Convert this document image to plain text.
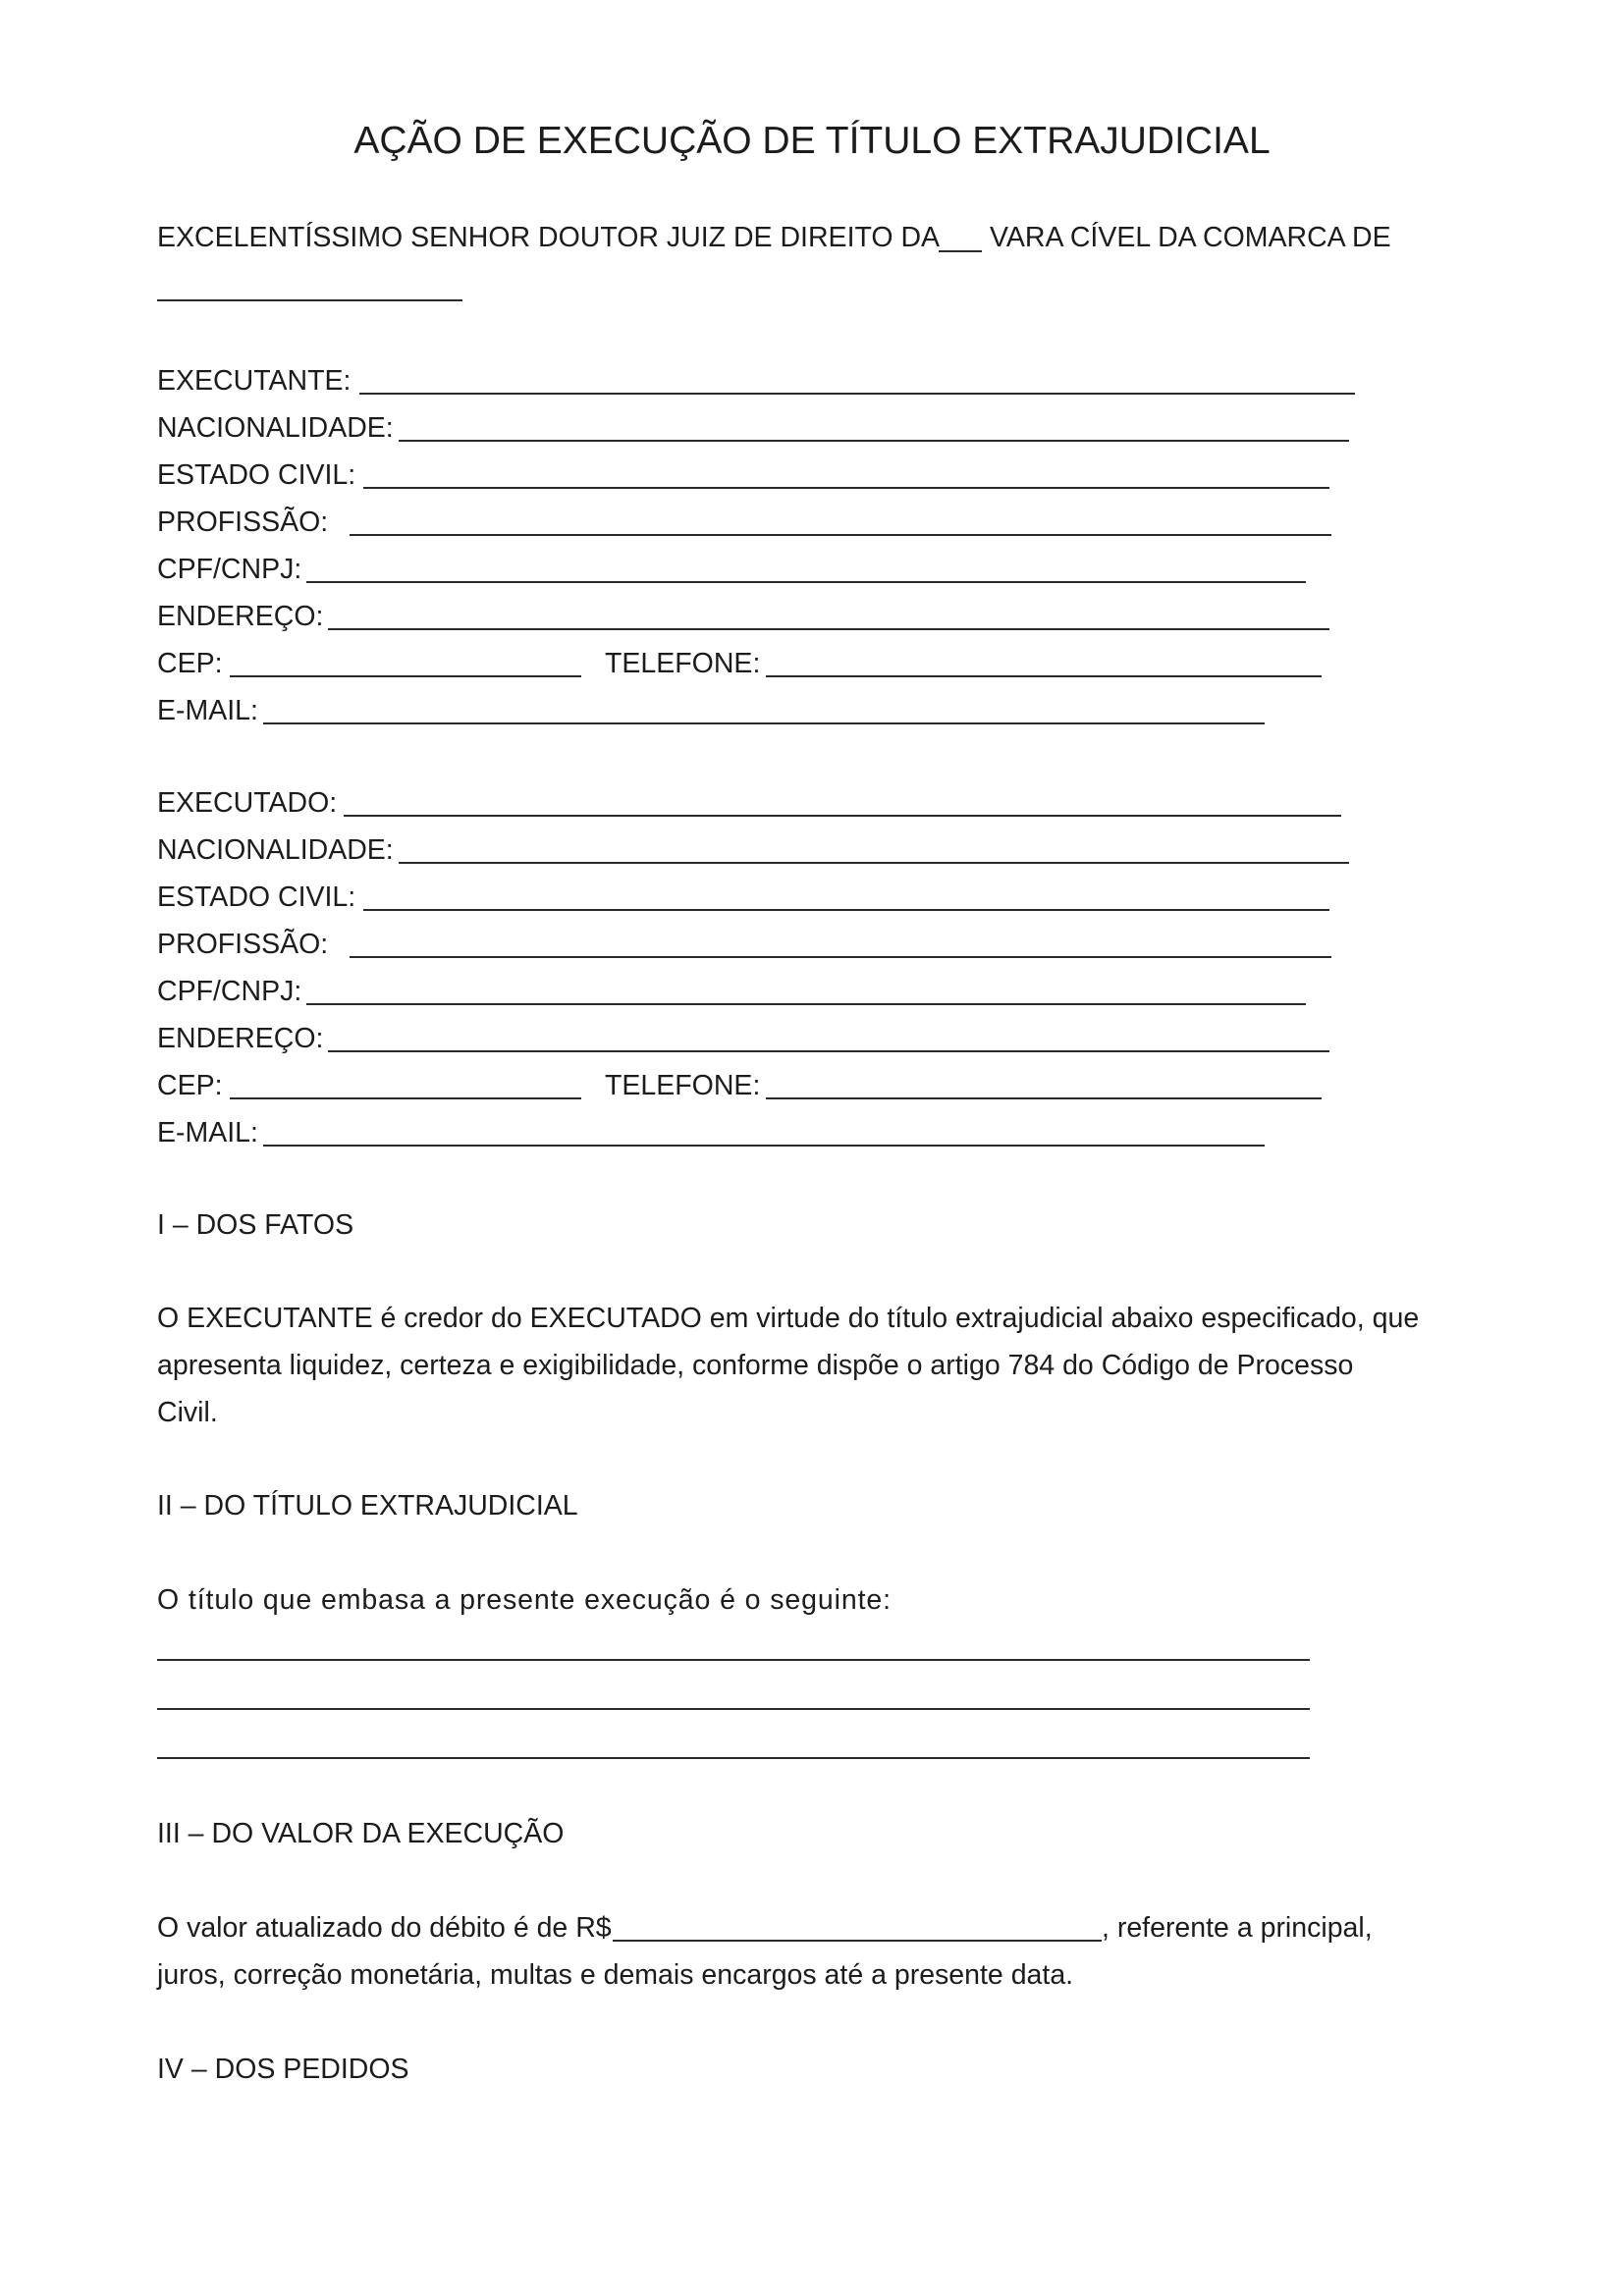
AÇÃO DE EXECUÇÃO DE TÍTULO EXTRAJUDICIAL

EXCELENTÍSSIMO SENHOR DOUTOR JUIZ DE DIREITO DA VARA CÍVEL DA COMARCA DE

EXECUTANTE:
NACIONALIDADE:
ESTADO CIVIL:
PROFISSÃO:
CPF/CNPJ:
ENDEREÇO:
CEP:	TELEFONE:
E-MAIL:
EXECUTADO:
NACIONALIDADE:
ESTADO CIVIL:
PROFISSÃO:
CPF/CNPJ:
ENDEREÇO:
CEP:	TELEFONE:
E-MAIL:

I – DOS FATOS

O EXECUTANTE é credor do EXECUTADO em virtude do título extrajudicial abaixo especificado, que

apresenta liquidez, certeza e exigibilidade, conforme dispõe o artigo 784 do Código de Processo

Civil.

II – DO TÍTULO EXTRAJUDICIAL

O título que embasa a presente execução é o seguinte:

III – DO VALOR DA EXECUÇÃO

O valor atualizado do débito é de R$	, referente a principal,

juros, correção monetária, multas e demais encargos até a presente data.

IV – DOS PEDIDOS
